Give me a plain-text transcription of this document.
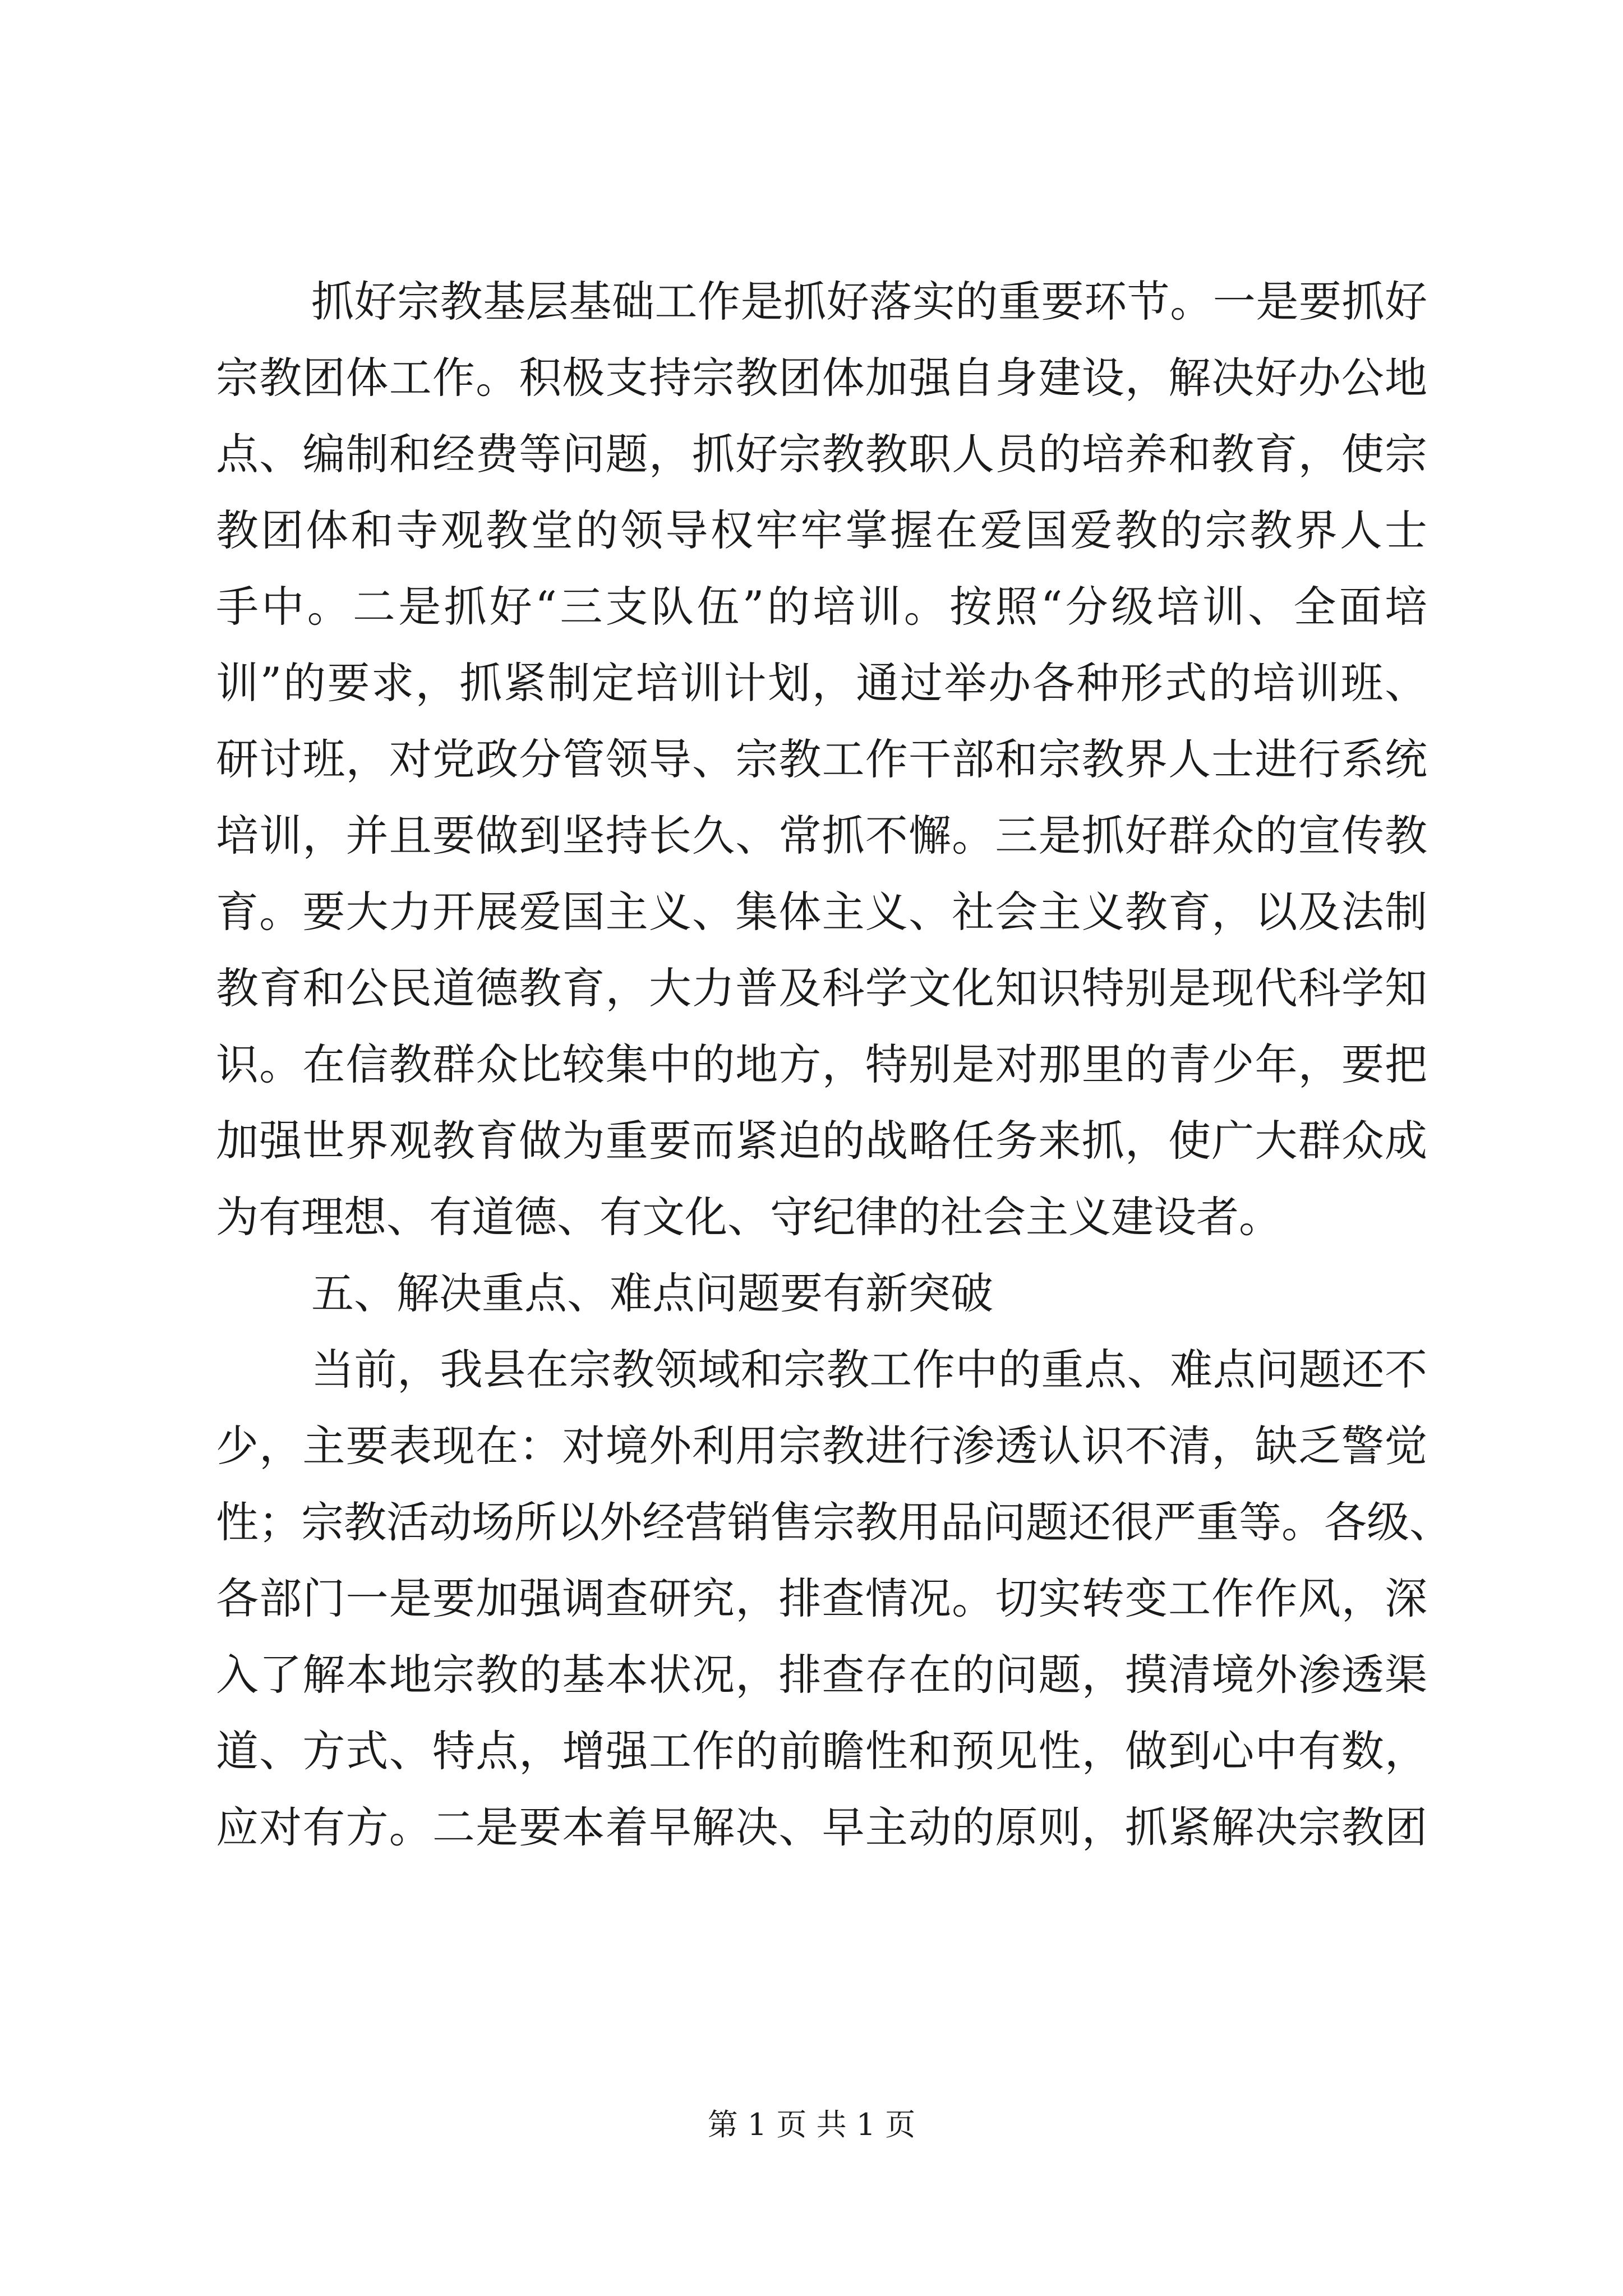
抓好宗教基层基础工作是抓好落实的重要环节。一是要抓好
宗教团体工作。积极支持宗教团体加强自身建设，解决好办公地
点、编制和经费等问题，抓好宗教教职人员的培养和教育，使宗
教团体和寺观教堂的领导权牢牢掌握在爱国爱教的宗教界人士
手中。二是抓好“三支队伍”的培训。按照“分级培训、全面培
训”的要求，抓紧制定培训计划，通过举办各种形式的培训班、
研讨班，对党政分管领导、宗教工作干部和宗教界人士进行系统
培训，并且要做到坚持长久、常抓不懈。三是抓好群众的宣传教
育。要大力开展爱国主义、集体主义、社会主义教育，以及法制
教育和公民道德教育，大力普及科学文化知识特别是现代科学知
识。在信教群众比较集中的地方，特别是对那里的青少年，要把
加强世界观教育做为重要而紧迫的战略任务来抓，使广大群众成
为有理想、有道德、有文化、守纪律的社会主义建设者。
五、解决重点、难点问题要有新突破
当前，我县在宗教领域和宗教工作中的重点、难点问题还不
少，主要表现在：对境外利用宗教进行渗透认识不清，缺乏警觉
性；宗教活动场所以外经营销售宗教用品问题还很严重等。各级、
各部门一是要加强调查研究，排查情况。切实转变工作作风，深
入了解本地宗教的基本状况，排查存在的问题，摸清境外渗透渠
道、方式、特点，增强工作的前瞻性和预见性，做到心中有数，
应对有方。二是要本着早解决、早主动的原则，抓紧解决宗教团
第 1 页 共 1 页
